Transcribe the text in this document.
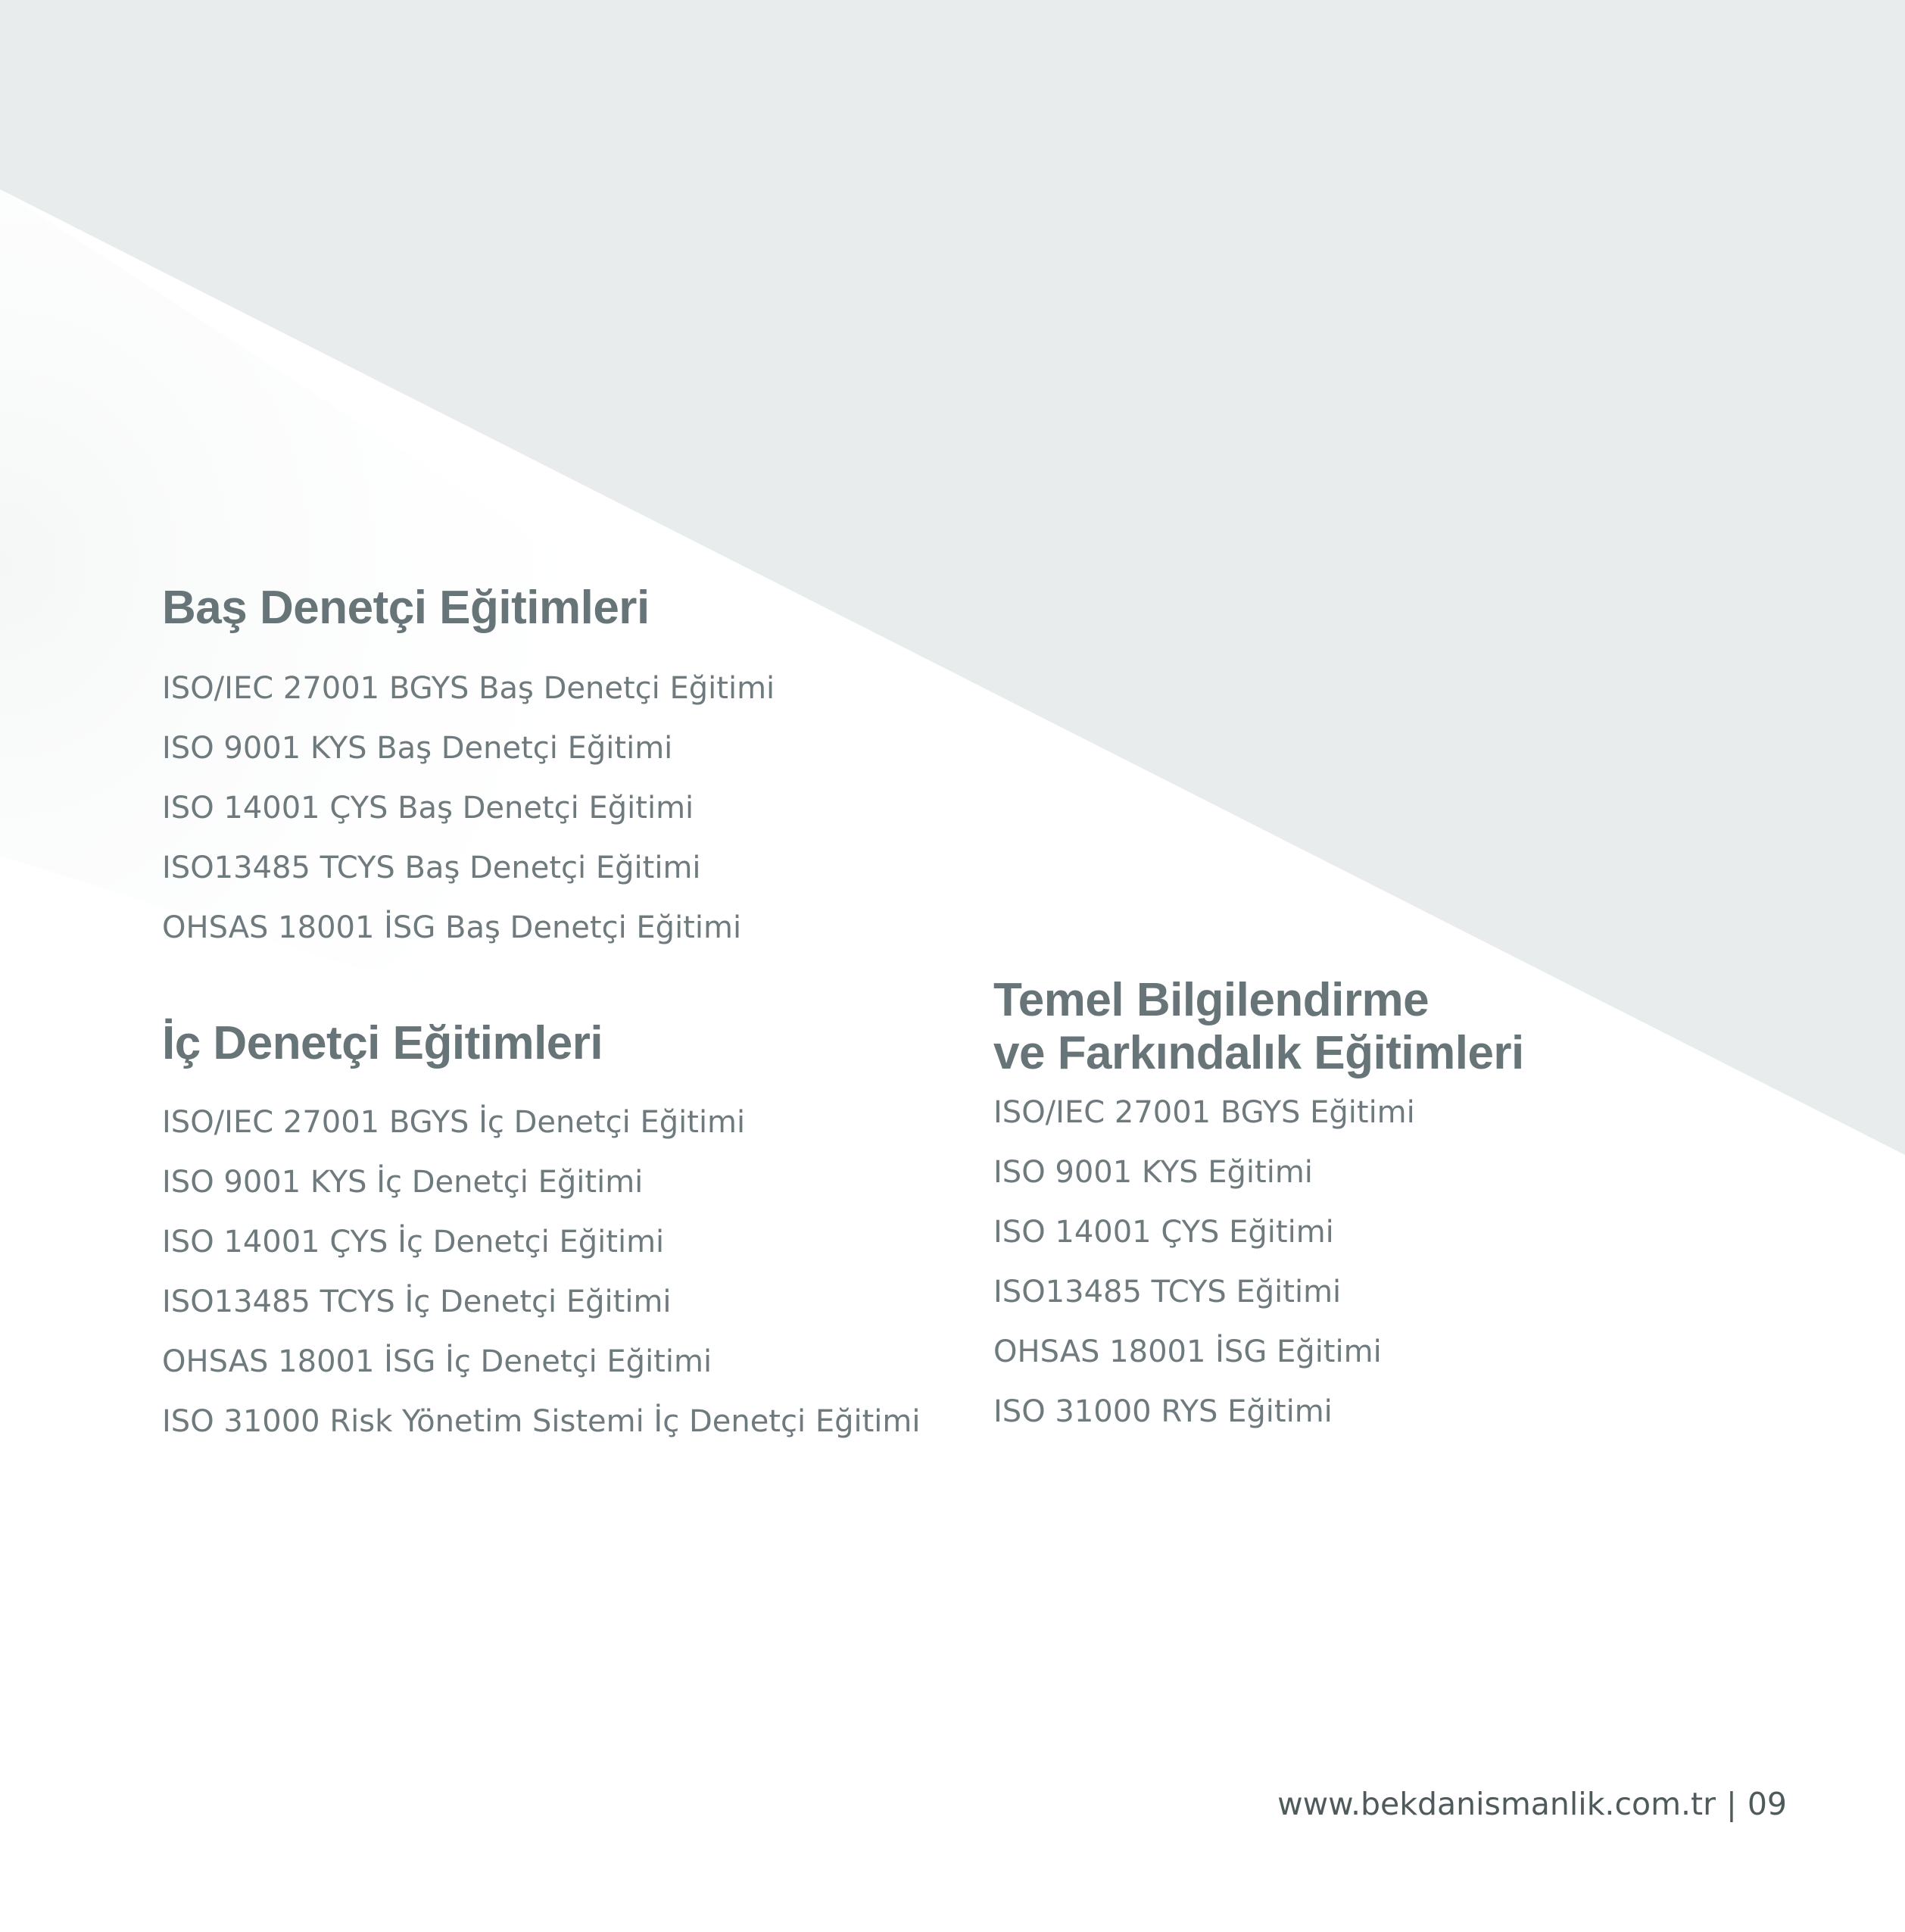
Baş Denetçi Eğitimleri
ISO/IEC 27001 BGYS Baş Denetçi Eğitimi
ISO 9001 KYS Baş Denetçi Eğitimi
ISO 14001 ÇYS Baş Denetçi Eğitimi
ISO13485 TCYS Baş Denetçi Eğitimi
OHSAS 18001 İSG Baş Denetçi Eğitimi
İç Denetçi Eğitimleri
ISO/IEC 27001 BGYS İç Denetçi Eğitimi
ISO 9001 KYS İç Denetçi Eğitimi
ISO 14001 ÇYS İç Denetçi Eğitimi
ISO13485 TCYS İç Denetçi Eğitimi
OHSAS 18001 İSG İç Denetçi Eğitimi
ISO 31000 Risk Yönetim Sistemi İç Denetçi Eğitimi
Temel Bilgilendirme
ve Farkındalık Eğitimleri
ISO/IEC 27001 BGYS Eğitimi
ISO 9001 KYS Eğitimi
ISO 14001 ÇYS Eğitimi
ISO13485 TCYS Eğitimi
OHSAS 18001 İSG Eğitimi
ISO 31000 RYS Eğitimi
www.bekdanismanlik.com.tr | 09
